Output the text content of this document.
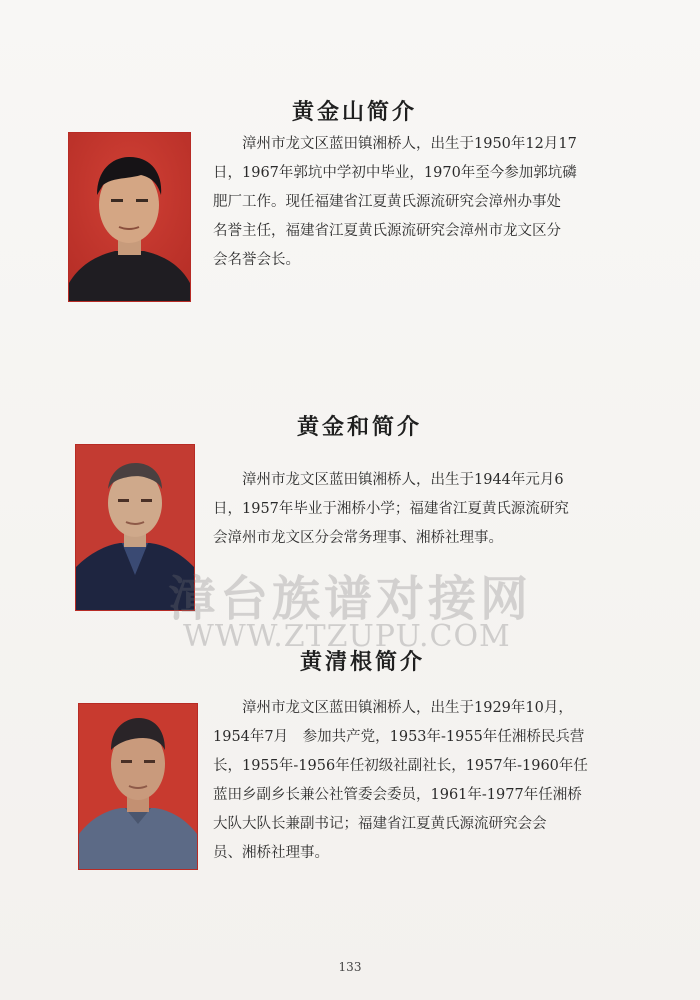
黄金山简介

漳州市龙文区蓝田镇湘桥人，出生于1950年12月17

日，1967年郭坑中学初中毕业，1970年至今参加郭坑磷

肥厂工作。现任福建省江夏黄氏源流研究会漳州办事处

名誉主任，福建省江夏黄氏源流研究会漳州市龙文区分

会名誉会长。

黄金和简介

漳州市龙文区蓝田镇湘桥人，出生于1944年元月6

日，1957年毕业于湘桥小学；福建省江夏黄氏源流研究

会漳州市龙文区分会常务理事、湘桥社理事。

漳台族谱对接网
WWW.ZTZUPU.COM
黄清根简介

漳州市龙文区蓝田镇湘桥人，出生于1929年10月，

1954年7月　参加共产党，1953年-1955年任湘桥民兵营

长，1955年-1956年任初级社副社长，1957年-1960年任

蓝田乡副乡长兼公社管委会委员，1961年-1977年任湘桥

大队大队长兼副书记；福建省江夏黄氏源流研究会会

员、湘桥社理事。

133
